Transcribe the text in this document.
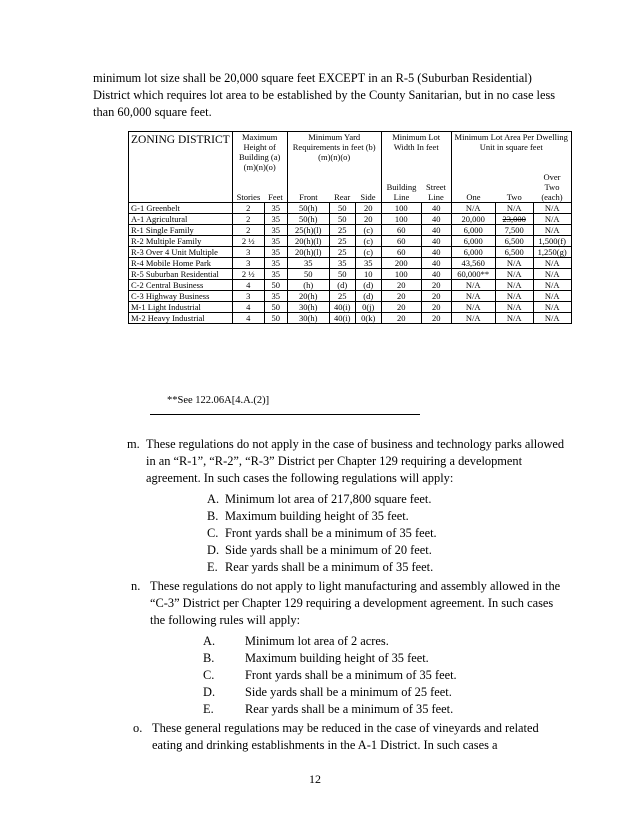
minimum lot size shall be 20,000 square feet EXCEPT in an R-5 (Suburban Residential) District which requires lot area to be established by the County Sanitarian, but in no case less than 60,000 square feet.

ZONING DISTRICT	Maximum Height of Building (a)(m)(n)(o)		Minimum Yard Requirements in feet (b)(m)(n)(o)			Minimum Lot Width In feet		Minimum Lot Area Per Dwelling Unit in square feet		
	Stories	Feet	Front	Rear	Side	Building Line	Street Line	One	Two	Over Two (each)
G-1 Greenbelt	2	35	50(h)	50	20	100	40	N/A	N/A	N/A
A-1 Agricultural	2	35	50(h)	50	20	100	40	20,000	23,000	N/A
R-1 Single Family	2	35	25(h)(l)	25	(c)	60	40	6,000	7,500	N/A
R-2 Multiple Family	2 ½	35	20(h)(l)	25	(c)	60	40	6,000	6,500	1,500(f)
R-3 Over 4 Unit Multiple	3	35	20(h)(l)	25	(c)	60	40	6,000	6,500	1,250(g)
R-4 Mobile Home Park	3	35	35	35	35	200	40	43,560	N/A	N/A
R-5 Suburban Residential	2 ½	35	50	50	10	100	40	60,000**	N/A	N/A
C-2 Central Business	4	50	(h)	(d)	(d)	20	20	N/A	N/A	N/A
C-3 Highway Business	3	35	20(h)	25	(d)	20	20	N/A	N/A	N/A
M-1 Light Industrial	4	50	30(h)	40(i)	0(j)	20	20	N/A	N/A	N/A
M-2 Heavy Industrial	4	50	30(h)	40(i)	0(k)	20	20	N/A	N/A	N/A
**See 122.06A[4.A.(2)]
m. These regulations do not apply in the case of business and technology parks allowed in an “R-1”, “R-2”, “R-3” District per Chapter 129 requiring a development agreement. In such cases the following regulations will apply:
A. Minimum lot area of 217,800 square feet.
B. Maximum building height of 35 feet.
C. Front yards shall be a minimum of 35 feet.
D. Side yards shall be a minimum of 20 feet.
E. Rear yards shall be a minimum of 35 feet.
n. These regulations do not apply to light manufacturing and assembly allowed in the “C-3” District per Chapter 129 requiring a development agreement. In such cases the following rules will apply:
A. Minimum lot area of 2 acres.
B. Maximum building height of 35 feet.
C. Front yards shall be a minimum of 35 feet.
D. Side yards shall be a minimum of 25 feet.
E.	Rear yards shall be a minimum of 35 feet.
o. These general regulations may be reduced in the case of vineyards and related eating and drinking establishments in the A-1 District. In such cases a
12
